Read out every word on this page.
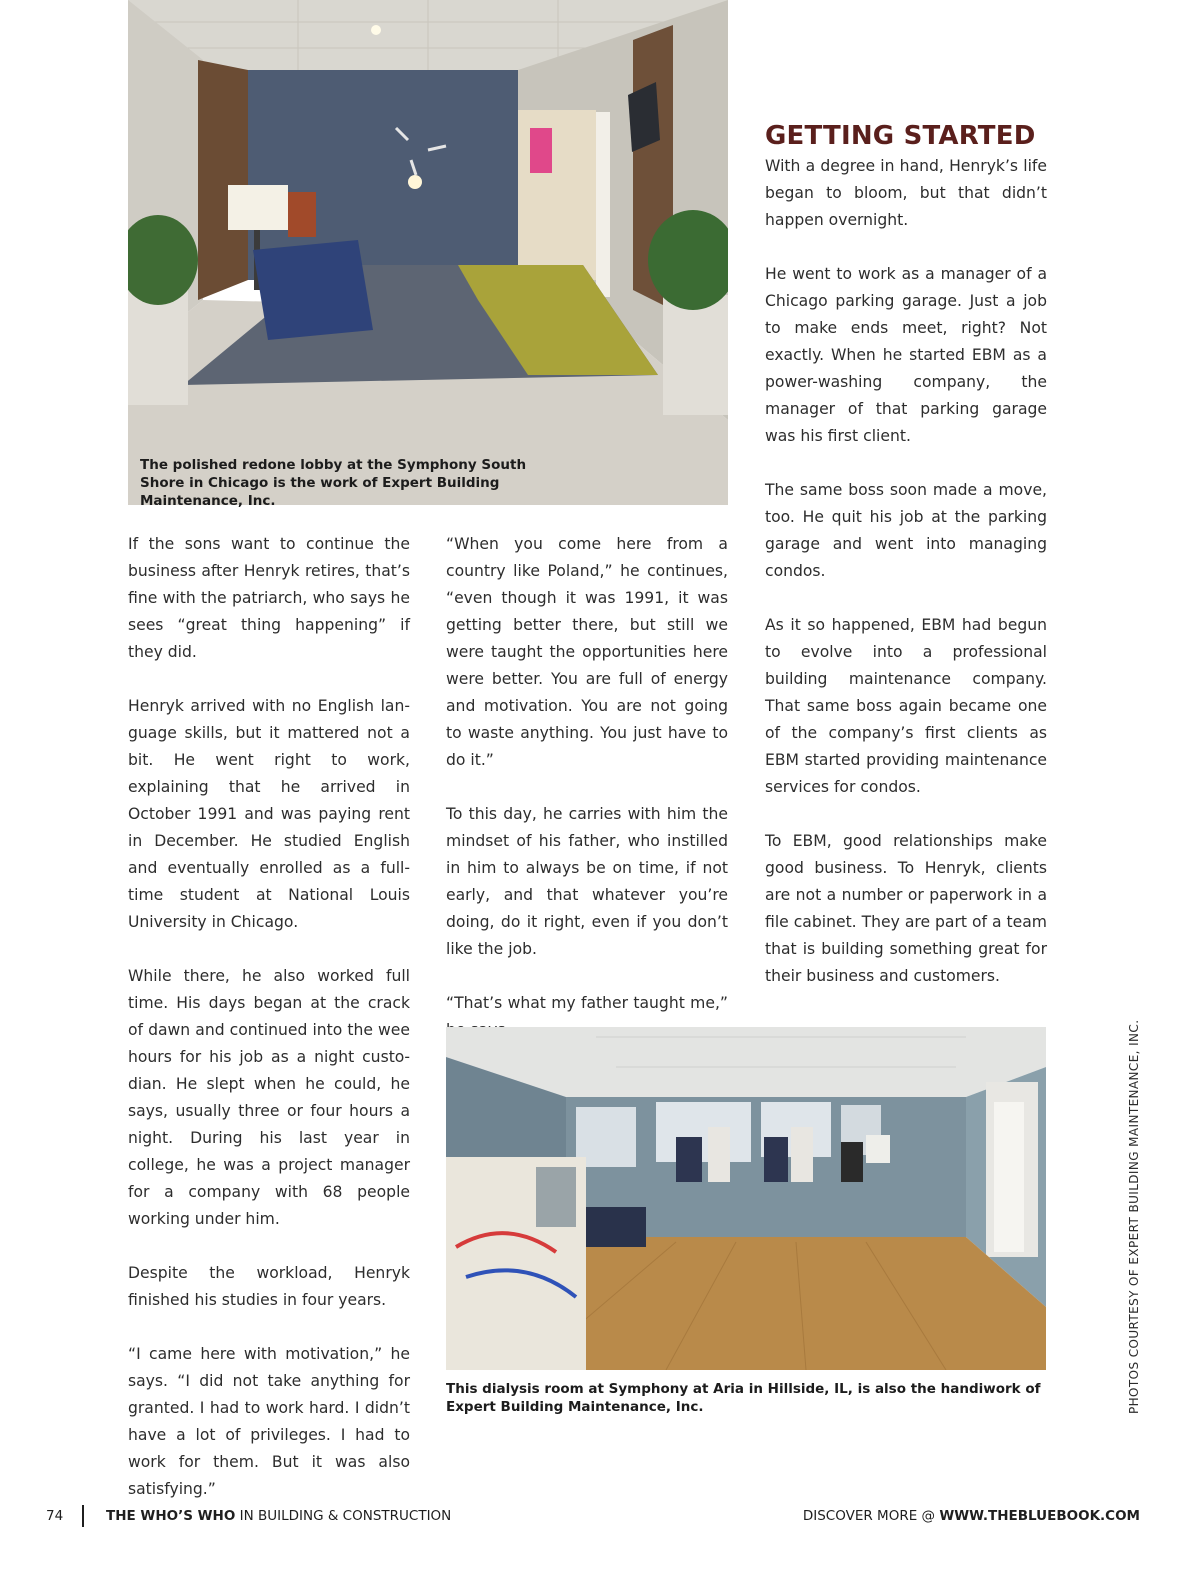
The polished redone lobby at the Symphony South Shore in Chicago is the work of Expert Building Maintenance, Inc.
GETTING STARTED

If the sons want to continue the business after Henryk retires, that’s fine with the patriarch, who says he sees “great thing happening” if they did.

Henryk arrived with no English language skills, but it mattered not a bit. He went right to work, explaining that he arrived in October 1991 and was paying rent in December. He studied English and eventually enrolled as a full-time student at National Louis University in Chicago.

While there, he also worked full time. His days began at the crack of dawn and continued into the wee hours for his job as a night custodian. He slept when he could, he says, usually three or four hours a night. During his last year in college, he was a project manager for a company with 68 people working under him.

Despite the workload, Henryk finished his studies in four years.

“I came here with motivation,” he says. “I did not take anything for granted. I had to work hard. I didn’t have a lot of privileges. I had to work for them. But it was also satisfying.”

“When you come here from a country like Poland,” he continues, “even though it was 1991, it was getting better there, but still we were taught the opportunities here were better. You are full of energy and motivation. You are not going to waste anything. You just have to do it.”

To this day, he carries with him the mindset of his father, who instilled in him to always be on time, if not early, and that whatever you’re doing, do it right, even if you don’t like the job.

“That’s what my father taught me,”

With a degree in hand, Henryk’s life began to bloom, but that didn’t happen overnight.

He went to work as a manager of a Chicago parking garage. Just a job to make ends meet, right? Not exactly. When he started EBM as a power-washing company, the manager of that parking garage was his first client.

The same boss soon made a move, too. He quit his job at the parking garage and went into managing condos.

As it so happened, EBM had begun to evolve into a professional building maintenance company. That same boss again became one of the company’s first clients as EBM started providing maintenance services for condos.

To EBM, good relationships make good business. To Henryk, clients are not a number or paperwork in a file cabinet. They are part of a team that is building something great for their business and customers.

This dialysis room at Symphony at Aria in Hillside, IL, is also the handiwork of Expert Building Maintenance, Inc.	PHOTOS COURTESY OF EXPERT BUILDING MAINTENANCE, INC.
74	THE WHO’S WHO IN BUILDING & CONSTRUCTION	DISCOVER MORE @ WWW.THEBLUEBOOK.COM
